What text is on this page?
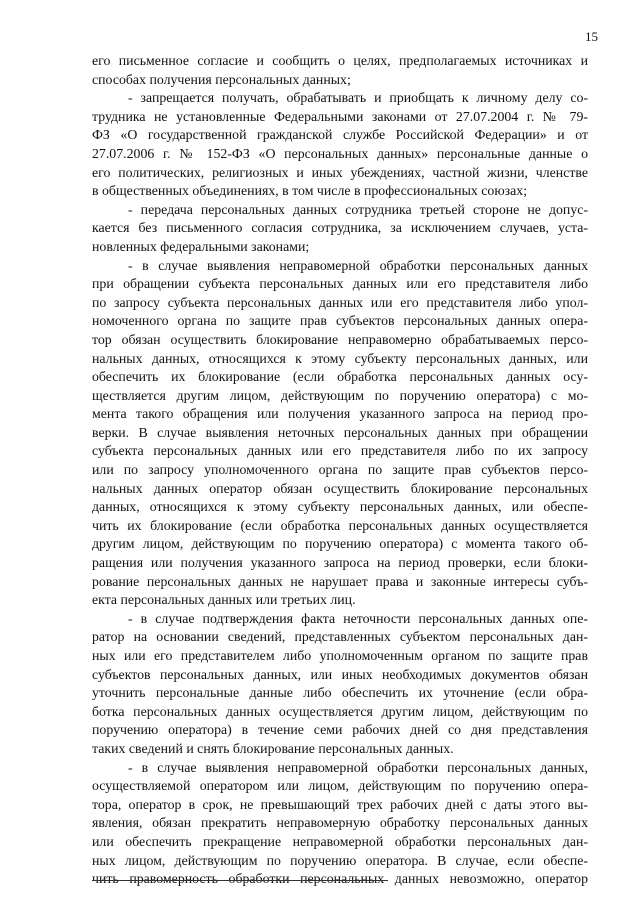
15
его письменное согласие и сообщить о целях, предполагаемых источниках и
способах получения персональных данных;
- запрещается получать, обрабатывать и приобщать к личному делу со-
трудника не установленные Федеральными законами от 27.07.2004 г. № 79-
ФЗ «О государственной гражданской службе Российской Федерации» и от
27.07.2006 г. № 152-ФЗ «О персональных данных» персональные данные о
его политических, религиозных и иных убеждениях, частной жизни, членстве
в общественных объединениях, в том числе в профессиональных союзах;
- передача персональных данных сотрудника третьей стороне не допус-
кается без письменного согласия сотрудника, за исключением случаев, уста-
новленных федеральными законами;
- в случае выявления неправомерной обработки персональных данных
при обращении субъекта персональных данных или его представителя либо
по запросу субъекта персональных данных или его представителя либо упол-
номоченного органа по защите прав субъектов персональных данных опера-
тор обязан осуществить блокирование неправомерно обрабатываемых персо-
нальных данных, относящихся к этому субъекту персональных данных, или
обеспечить их блокирование (если обработка персональных данных осу-
ществляется другим лицом, действующим по поручению оператора) с мо-
мента такого обращения или получения указанного запроса на период про-
верки. В случае выявления неточных персональных данных при обращении
субъекта персональных данных или его представителя либо по их запросу
или по запросу уполномоченного органа по защите прав субъектов персо-
нальных данных оператор обязан осуществить блокирование персональных
данных, относящихся к этому субъекту персональных данных, или обеспе-
чить их блокирование (если обработка персональных данных осуществляется
другим лицом, действующим по поручению оператора) с момента такого об-
ращения или получения указанного запроса на период проверки, если блоки-
рование персональных данных не нарушает права и законные интересы субъ-
екта персональных данных или третьих лиц.
- в случае подтверждения факта неточности персональных данных опе-
ратор на основании сведений, представленных субъектом персональных дан-
ных или его представителем либо уполномоченным органом по защите прав
субъектов персональных данных, или иных необходимых документов обязан
уточнить персональные данные либо обеспечить их уточнение (если обра-
ботка персональных данных осуществляется другим лицом, действующим по
поручению оператора) в течение семи рабочих дней со дня представления
таких сведений и снять блокирование персональных данных.
- в случае выявления неправомерной обработки персональных данных,
осуществляемой оператором или лицом, действующим по поручению опера-
тора, оператор в срок, не превышающий трех рабочих дней с даты этого вы-
явления, обязан прекратить неправомерную обработку персональных данных
или обеспечить прекращение неправомерной обработки персональных дан-
ных лицом, действующим по поручению оператора. В случае, если обеспе-
чить правомерность обработки персональных данных невозможно, оператор
